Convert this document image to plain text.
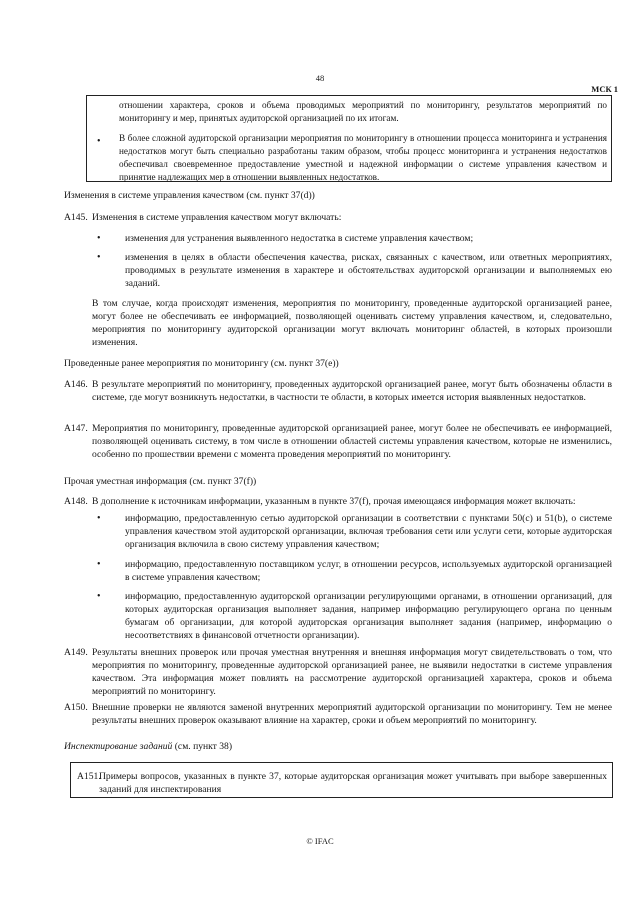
48
МСК 1
отношении характера, сроков и объема проводимых мероприятий по мониторингу, результатов мероприятий по мониторингу и мер, принятых аудиторской организацией по их итогам.
• В более сложной аудиторской организации мероприятия по мониторингу в отношении процесса мониторинга и устранения недостатков могут быть специально разработаны таким образом, чтобы процесс мониторинга и устранения недостатков обеспечивал своевременное предоставление уместной и надежной информации о системе управления качеством и принятие надлежащих мер в отношении выявленных недостатков.
Изменения в системе управления качеством (см. пункт 37(d))
A145. Изменения в системе управления качеством могут включать:
•	изменения для устранения выявленного недостатка в системе управления качеством;
•	изменения в целях в области обеспечения качества, рисках, связанных с качеством, или ответных мероприятиях, проводимых в результате изменения в характере и обстоятельствах аудиторской организации и выполняемых ею заданий.
В том случае, когда происходят изменения, мероприятия по мониторингу, проведенные аудиторской организацией ранее, могут более не обеспечивать ее информацией, позволяющей оценивать систему управления качеством, и, следовательно, мероприятия по мониторингу аудиторской организации могут включать мониторинг областей, в которых произошли изменения.
Проведенные ранее мероприятия по мониторингу (см. пункт 37(e))
A146. В результате мероприятий по мониторингу, проведенных аудиторской организацией ранее, могут быть обозначены области в системе, где могут возникнуть недостатки, в частности те области, в которых имеется история выявленных недостатков.
A147. Мероприятия по мониторингу, проведенные аудиторской организацией ранее, могут более не обеспечивать ее информацией, позволяющей оценивать систему, в том числе в отношении областей системы управления качеством, которые не изменились, особенно по прошествии времени с момента проведения мероприятий по мониторингу.
Прочая уместная информация (см. пункт 37(f))
A148. В дополнение к источникам информации, указанным в пункте 37(f), прочая имеющаяся информация может включать:
•	информацию, предоставленную сетью аудиторской организации в соответствии с пунктами 50(с) и 51(b), о системе управления качеством этой аудиторской организации, включая требования сети или услуги сети, которые аудиторская организация включила в свою систему управления качеством;
•	информацию, предоставленную поставщиком услуг, в отношении ресурсов, используемых аудиторской организацией в системе управления качеством;
•	информацию, предоставленную аудиторской организации регулирующими органами, в отношении организаций, для которых аудиторская организация выполняет задания, например информацию регулирующего органа по ценным бумагам об организации, для которой аудиторская организация выполняет задания (например, информацию о несоответствиях в финансовой отчетности организации).
A149. Результаты внешних проверок или прочая уместная внутренняя и внешняя информация могут свидетельствовать о том, что мероприятия по мониторингу, проведенные аудиторской организацией ранее, не выявили недостатки в системе управления качеством. Эта информация может повлиять на рассмотрение аудиторской организацией характера, сроков и объема мероприятий по мониторингу.
A150. Внешние проверки не являются заменой внутренних мероприятий аудиторской организации по мониторингу. Тем не менее результаты внешних проверок оказывают влияние на характер, сроки и объем мероприятий по мониторингу.
Инспектирование заданий (см. пункт 38)
A151.
Примеры вопросов, указанных в пункте 37, которые аудиторская организация может учитывать при выборе завершенных заданий для инспектирования
© IFAC
